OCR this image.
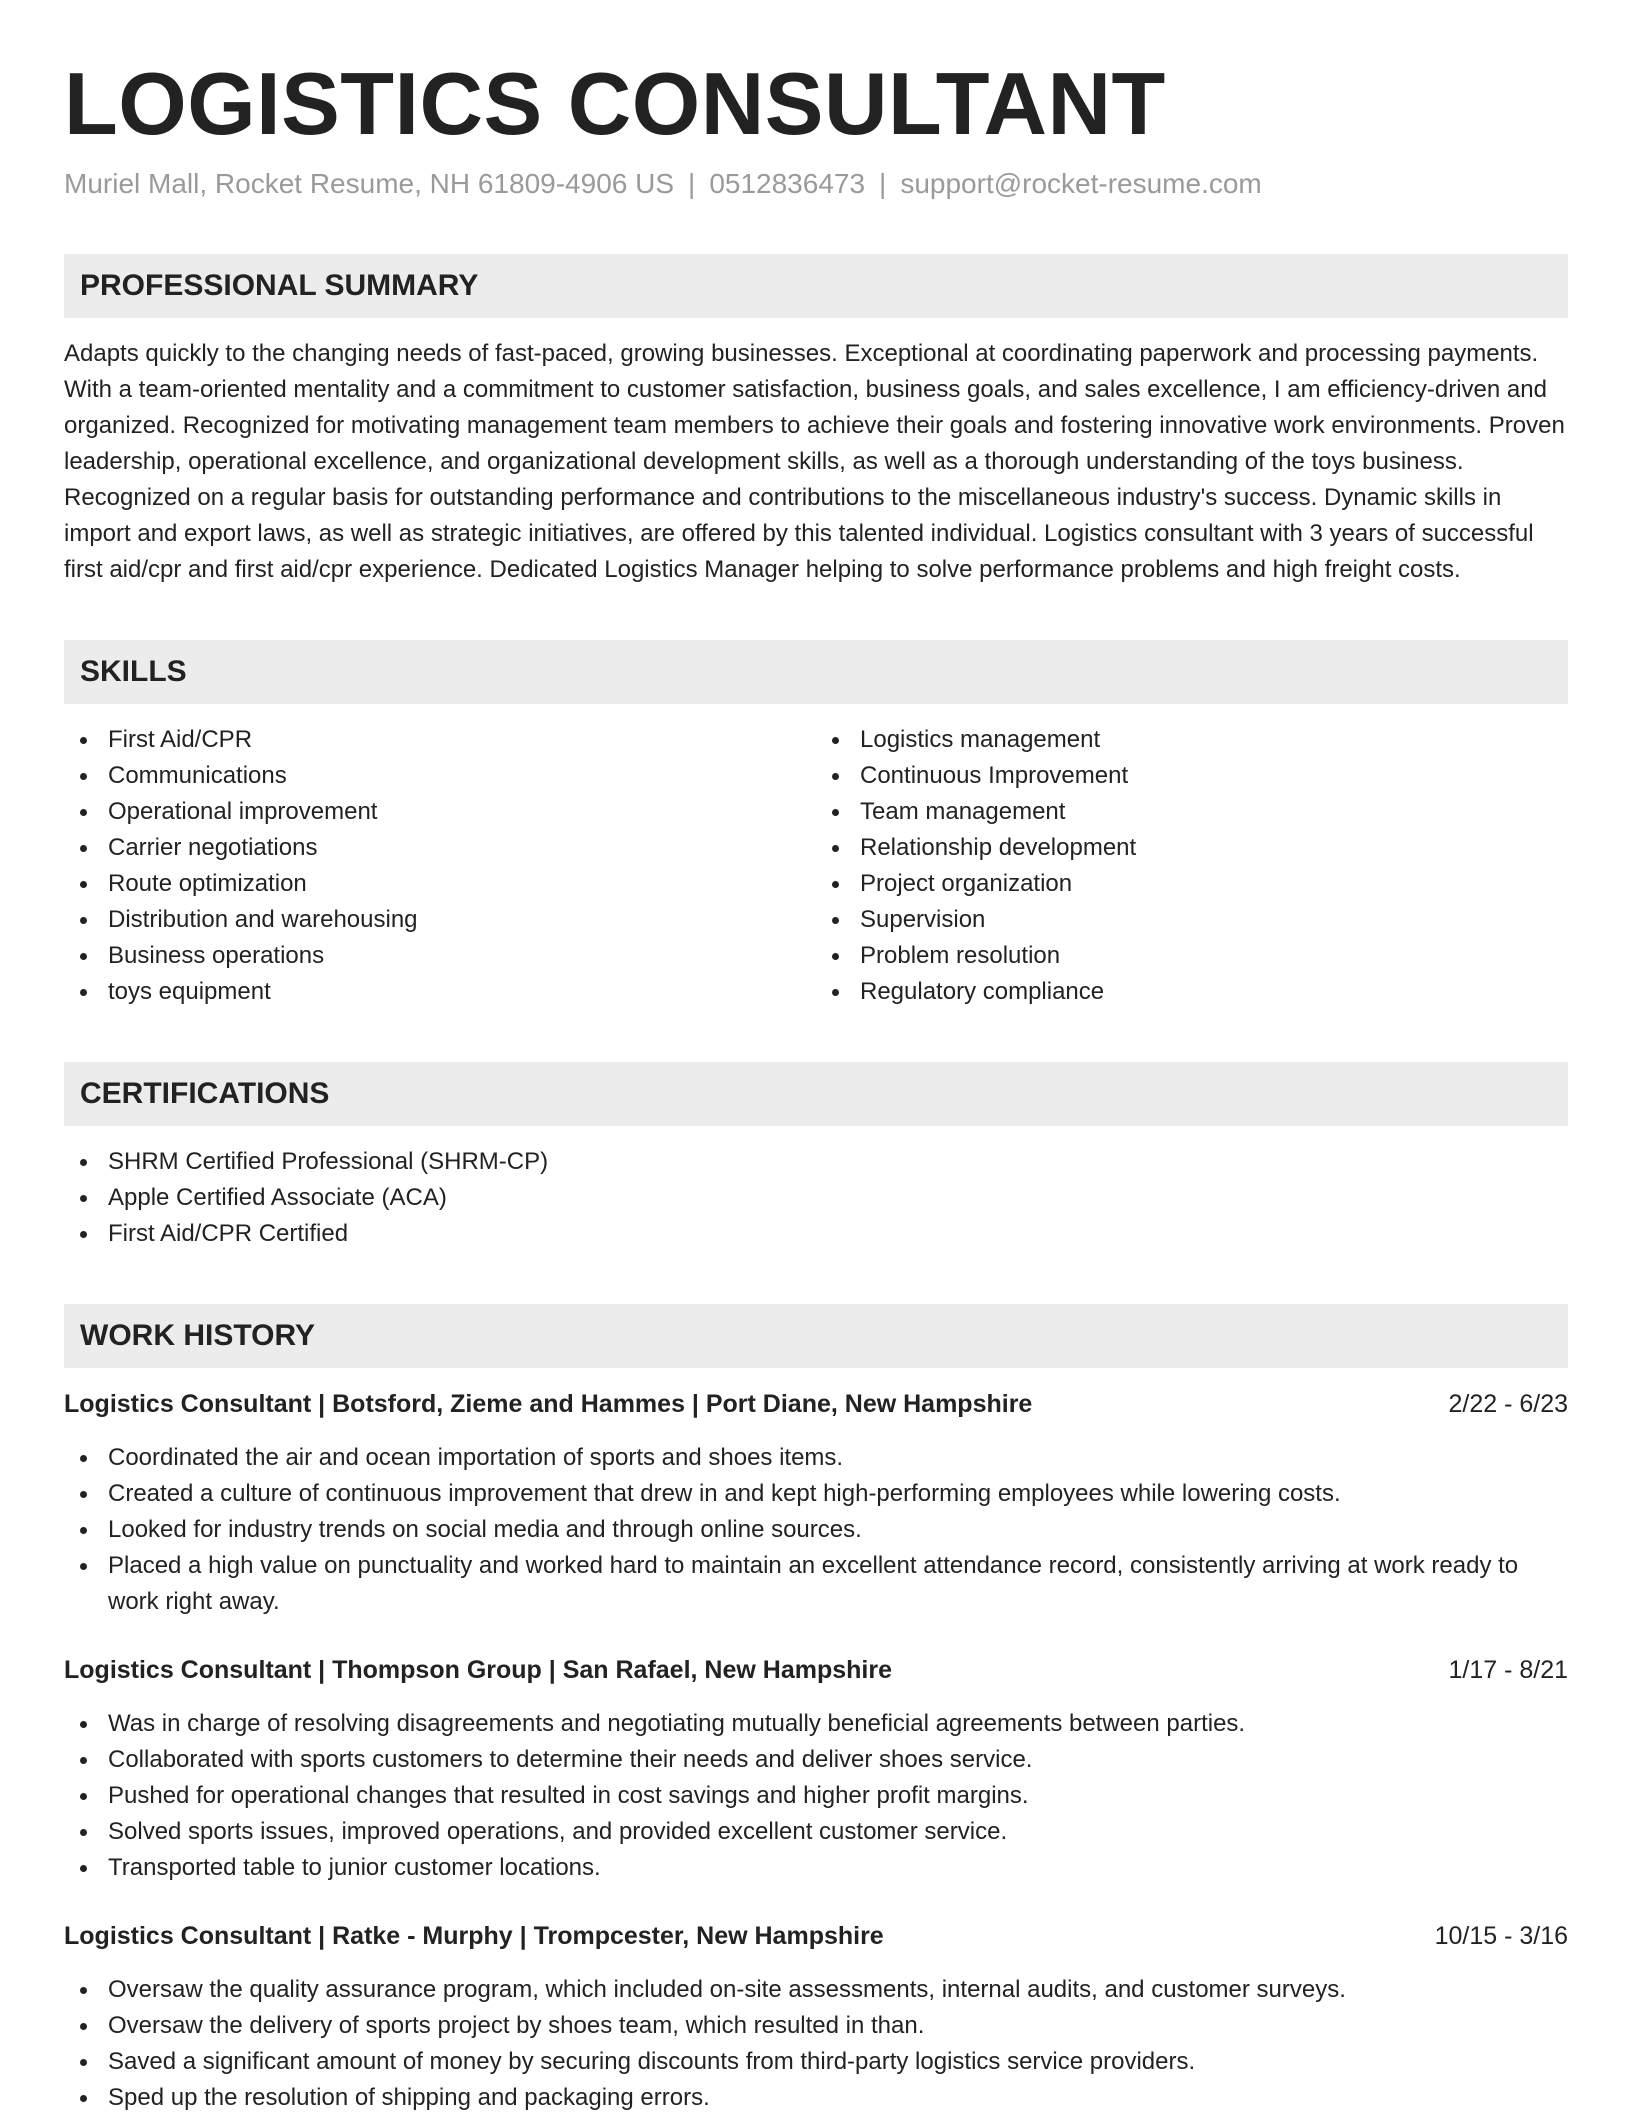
LOGISTICS CONSULTANT
Muriel Mall, Rocket Resume, NH 61809-4906 US | 0512836473 | support@rocket-resume.com
PROFESSIONAL SUMMARY

Adapts quickly to the changing needs of fast-paced, growing businesses. Exceptional at coordinating paperwork and processing payments. With a team-oriented mentality and a commitment to customer satisfaction, business goals, and sales excellence, I am efficiency-driven and organized. Recognized for motivating management team members to achieve their goals and fostering innovative work environments. Proven leadership, operational excellence, and organizational development skills, as well as a thorough understanding of the toys business. Recognized on a regular basis for outstanding performance and contributions to the miscellaneous industry's success. Dynamic skills in import and export laws, as well as strategic initiatives, are offered by this talented individual. Logistics consultant with 3 years of successful first aid/cpr and first aid/cpr experience. Dedicated Logistics Manager helping to solve performance problems and high freight costs.

SKILLS
First Aid/CPR
Communications
Operational improvement
Carrier negotiations
Route optimization
Distribution and warehousing
Business operations
toys equipment
Logistics management
Continuous Improvement
Team management
Relationship development
Project organization
Supervision
Problem resolution
Regulatory compliance
CERTIFICATIONS
SHRM Certified Professional (SHRM-CP)
Apple Certified Associate (ACA)
First Aid/CPR Certified
WORK HISTORY
Logistics Consultant | Botsford, Zieme and Hammes | Port Diane, New Hampshire	2/22 - 6/23
Coordinated the air and ocean importation of sports and shoes items.
Created a culture of continuous improvement that drew in and kept high-performing employees while lowering costs.
Looked for industry trends on social media and through online sources.
Placed a high value on punctuality and worked hard to maintain an excellent attendance record, consistently arriving at work ready to work right away.
Logistics Consultant | Thompson Group | San Rafael, New Hampshire	1/17 - 8/21
Was in charge of resolving disagreements and negotiating mutually beneficial agreements between parties.
Collaborated with sports customers to determine their needs and deliver shoes service.
Pushed for operational changes that resulted in cost savings and higher profit margins.
Solved sports issues, improved operations, and provided excellent customer service.
Transported table to junior customer locations.
Logistics Consultant | Ratke - Murphy | Trompcester, New Hampshire	10/15 - 3/16
Oversaw the quality assurance program, which included on-site assessments, internal audits, and customer surveys.
Oversaw the delivery of sports project by shoes team, which resulted in than.
Saved a significant amount of money by securing discounts from third-party logistics service providers.
Sped up the resolution of shipping and packaging errors.
